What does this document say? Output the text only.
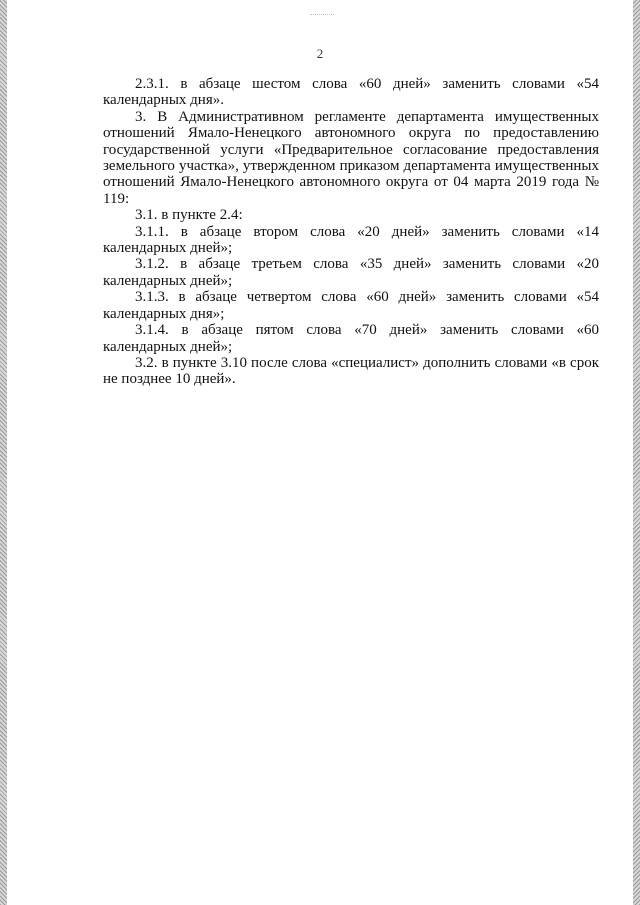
2

2.3.1. в абзаце шестом слова «60 дней» заменить словами «54 календарных дня».

3. В Административном регламенте департамента имущественных отношений Ямало-Ненецкого автономного округа по предоставлению государственной услуги «Предварительное согласование предоставления земельного участка», утвержденном приказом департамента имущественных отношений Ямало-Ненецкого автономного округа от 04 марта 2019 года № 119:

3.1. в пункте 2.4:

3.1.1. в абзаце втором слова «20 дней» заменить словами «14 календарных дней»;

3.1.2. в абзаце третьем слова «35 дней» заменить словами «20 календарных дней»;

3.1.3. в абзаце четвертом слова «60 дней» заменить словами «54 календарных дня»;

3.1.4. в абзаце пятом слова «70 дней» заменить словами «60 календарных дней»;

3.2. в пункте 3.10 после слова «специалист» дополнить словами «в срок не позднее 10 дней».
